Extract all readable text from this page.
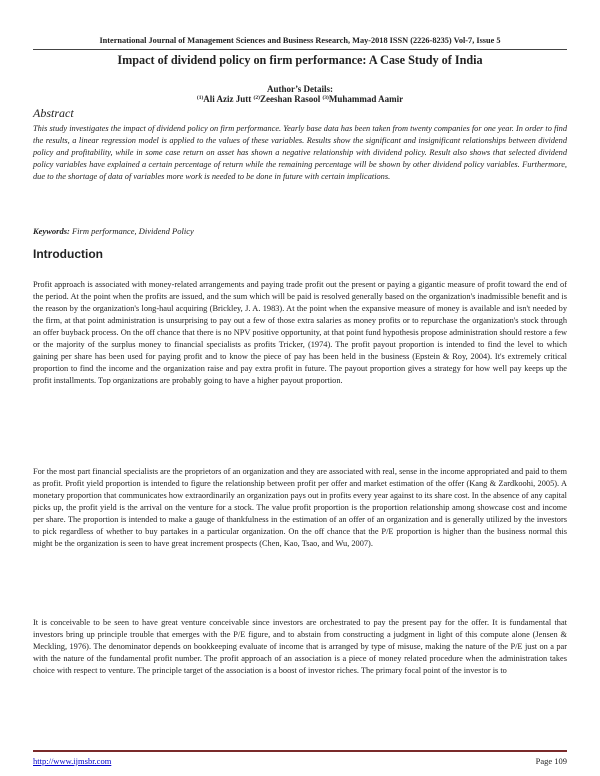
International Journal of Management Sciences and Business Research, May-2018 ISSN (2226-8235) Vol-7, Issue 5
Impact of dividend policy on firm performance: A Case Study of India
Author’s Details:
$^{(1)}$Ali Aziz Jutt $^{(2)}$Zeeshan Rasool $^{(3)}$Muhammad Aamir
Abstract
This study investigates the impact of dividend policy on firm performance. Yearly base data has been taken from twenty companies for one year. In order to find the results, a linear regression model is applied to the values of these variables. Results show the significant and insignificant relationships between dividend policy and profitability, while in some case return on asset has shown a negative relationship with dividend policy. Result also shows that selected dividend policy variables have explained a certain percentage of return while the remaining percentage will be shown by other dividend policy variables. Furthermore, due to the shortage of data of variables more work is needed to be done in future with certain implications.
Keywords: Firm performance, Dividend Policy
Introduction
Profit approach is associated with money-related arrangements and paying trade profit out the present or paying a gigantic measure of profit toward the end of the period. At the point when the profits are issued, and the sum which will be paid is resolved generally based on the organization's inadmissible benefit and is the reason by the organization's long-haul acquiring (Brickley, J. A. 1983). At the point when the expansive measure of money is available and isn't needed by the firm, at that point administration is unsurprising to pay out a few of those extra salaries as money profits or to repurchase the organization's stock through an offer buyback process. On the off chance that there is no NPV positive opportunity, at that point fund hypothesis propose administration should restore a few or the majority of the surplus money to financial specialists as profits Tricker, (1974). The profit payout proportion is intended to find the level to which gaining per share has been used for paying profit and to know the piece of pay has been held in the business (Epstein & Roy, 2004). It's extremely critical proportion to find the income and the organization raise and pay extra profit in future. The payout proportion gives a strategy for how well pay keeps up the profit installments. Top organizations are probably going to have a higher payout proportion.
For the most part financial specialists are the proprietors of an organization and they are associated with real, sense in the income appropriated and paid to them as profit. Profit yield proportion is intended to figure the relationship between profit per offer and market estimation of the offer (Kang & Zardkoohi, 2005). A monetary proportion that communicates how extraordinarily an organization pays out in profits every year against to its share cost. In the absence of any capital picks up, the profit yield is the arrival on the venture for a stock. The value profit proportion is the proportion relationship among showcase cost and income per share. The proportion is intended to make a gauge of thankfulness in the estimation of an offer of an organization and is generally utilized by the investors to pick regardless of whether to buy partakes in a particular organization. On the off chance that the P/E proportion is higher than the business normal this might be the organization is seen to have great increment prospects (Chen, Kao, Tsao, and Wu, 2007).
It is conceivable to be seen to have great venture conceivable since investors are orchestrated to pay the present pay for the offer. It is fundamental that investors bring up principle trouble that emerges with the P/E figure, and to abstain from constructing a judgment in light of this compute alone (Jensen & Meckling, 1976). The denominator depends on bookkeeping evaluate of income that is arranged by type of misuse, making the nature of the P/E just on a par with the nature of the fundamental profit number. The profit approach of an association is a piece of money related procedure when the administration takes choice with respect to venture. The principle target of the association is a boost of investor riches. The primary focal point of the investor is to
http://www.ijmsbr.com	Page 109
